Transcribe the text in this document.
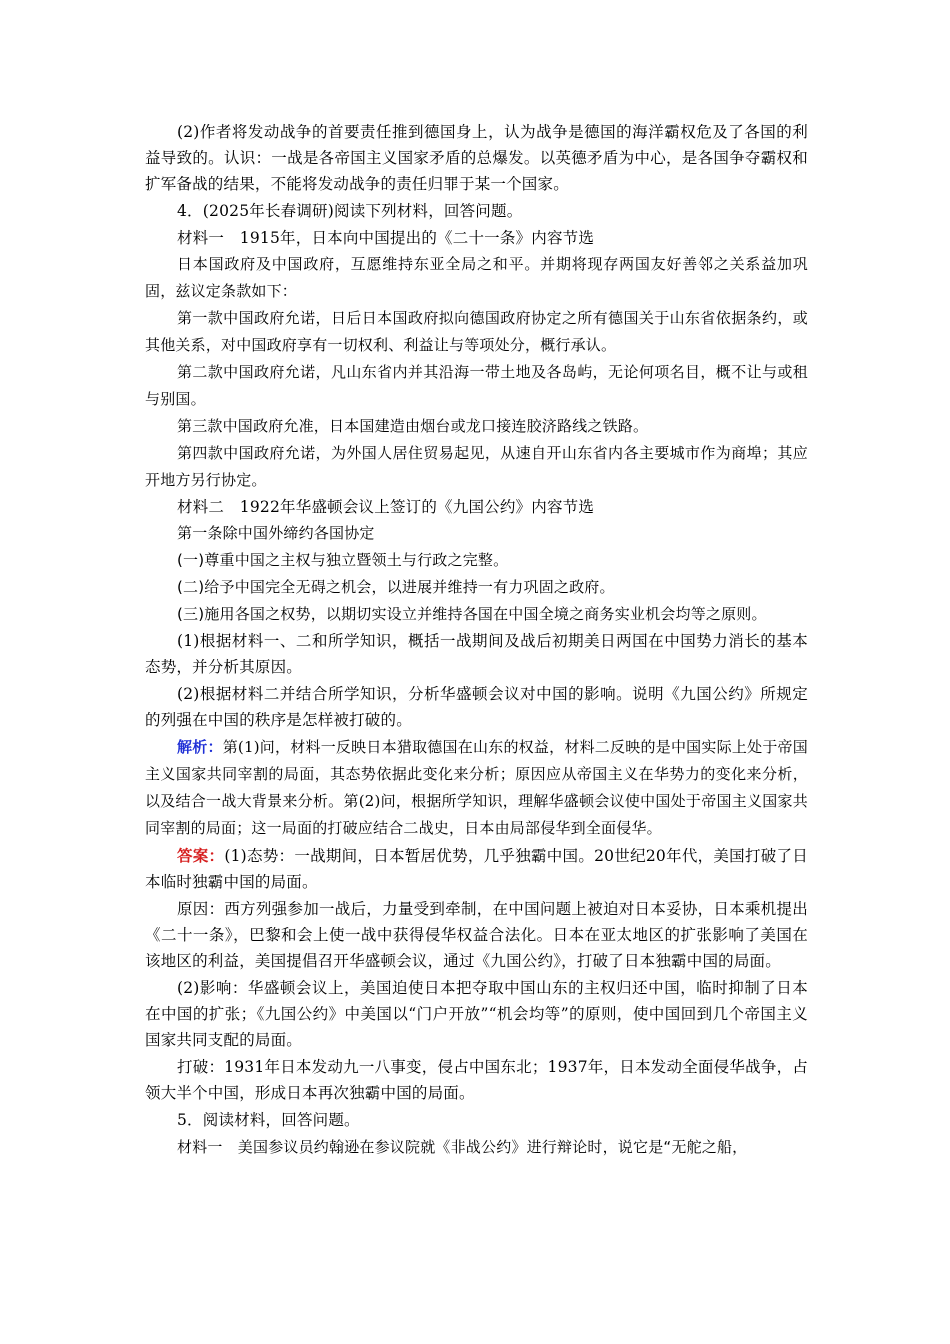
(2)作者将发动战争的首要责任推到德国身上，认为战争是德国的海洋霸权危及了各国的利益导致的。认识：一战是各帝国主义国家矛盾的总爆发。以英德矛盾为中心，是各国争夺霸权和扩军备战的结果，不能将发动战争的责任归罪于某一个国家。

4．(2025年长春调研)阅读下列材料，回答问题。

材料一　1915年，日本向中国提出的《二十一条》内容节选

日本国政府及中国政府，互愿维持东亚全局之和平。并期将现存两国友好善邻之关系益加巩固，兹议定条款如下：

第一款中国政府允诺，日后日本国政府拟向德国政府协定之所有德国关于山东省依据条约，或其他关系，对中国政府享有一切权利、利益让与等项处分，概行承认。

第二款中国政府允诺，凡山东省内并其沿海一带土地及各岛屿，无论何项名目，概不让与或租与别国。

第三款中国政府允准，日本国建造由烟台或龙口接连胶济路线之铁路。

第四款中国政府允诺，为外国人居住贸易起见，从速自开山东省内各主要城市作为商埠；其应开地方另行协定。

材料二　1922年华盛顿会议上签订的《九国公约》内容节选

第一条除中国外缔约各国协定

(一)尊重中国之主权与独立暨领土与行政之完整。

(二)给予中国完全无碍之机会，以进展并维持一有力巩固之政府。

(三)施用各国之权势，以期切实设立并维持各国在中国全境之商务实业机会均等之原则。

(1)根据材料一、二和所学知识，概括一战期间及战后初期美日两国在中国势力消长的基本态势，并分析其原因。

(2)根据材料二并结合所学知识，分析华盛顿会议对中国的影响。说明《九国公约》所规定的列强在中国的秩序是怎样被打破的。

解析：第(1)问，材料一反映日本猎取德国在山东的权益，材料二反映的是中国实际上处于帝国主义国家共同宰割的局面，其态势依据此变化来分析；原因应从帝国主义在华势力的变化来分析，以及结合一战大背景来分析。第(2)问，根据所学知识，理解华盛顿会议使中国处于帝国主义国家共同宰割的局面；这一局面的打破应结合二战史，日本由局部侵华到全面侵华。

答案：(1)态势：一战期间，日本暂居优势，几乎独霸中国。20世纪20年代，美国打破了日本临时独霸中国的局面。

原因：西方列强参加一战后，力量受到牵制，在中国问题上被迫对日本妥协，日本乘机提出《二十一条》，巴黎和会上使一战中获得侵华权益合法化。日本在亚太地区的扩张影响了美国在该地区的利益，美国提倡召开华盛顿会议，通过《九国公约》，打破了日本独霸中国的局面。

(2)影响：华盛顿会议上，美国迫使日本把夺取中国山东的主权归还中国，临时抑制了日本在中国的扩张；《九国公约》中美国以“门户开放”“机会均等”的原则，使中国回到几个帝国主义国家共同支配的局面。

打破：1931年日本发动九一八事变，侵占中国东北；1937年，日本发动全面侵华战争，占领大半个中国，形成日本再次独霸中国的局面。

5．阅读材料，回答问题。

材料一　美国参议员约翰逊在参议院就《非战公约》进行辩论时，说它是“无舵之船，
